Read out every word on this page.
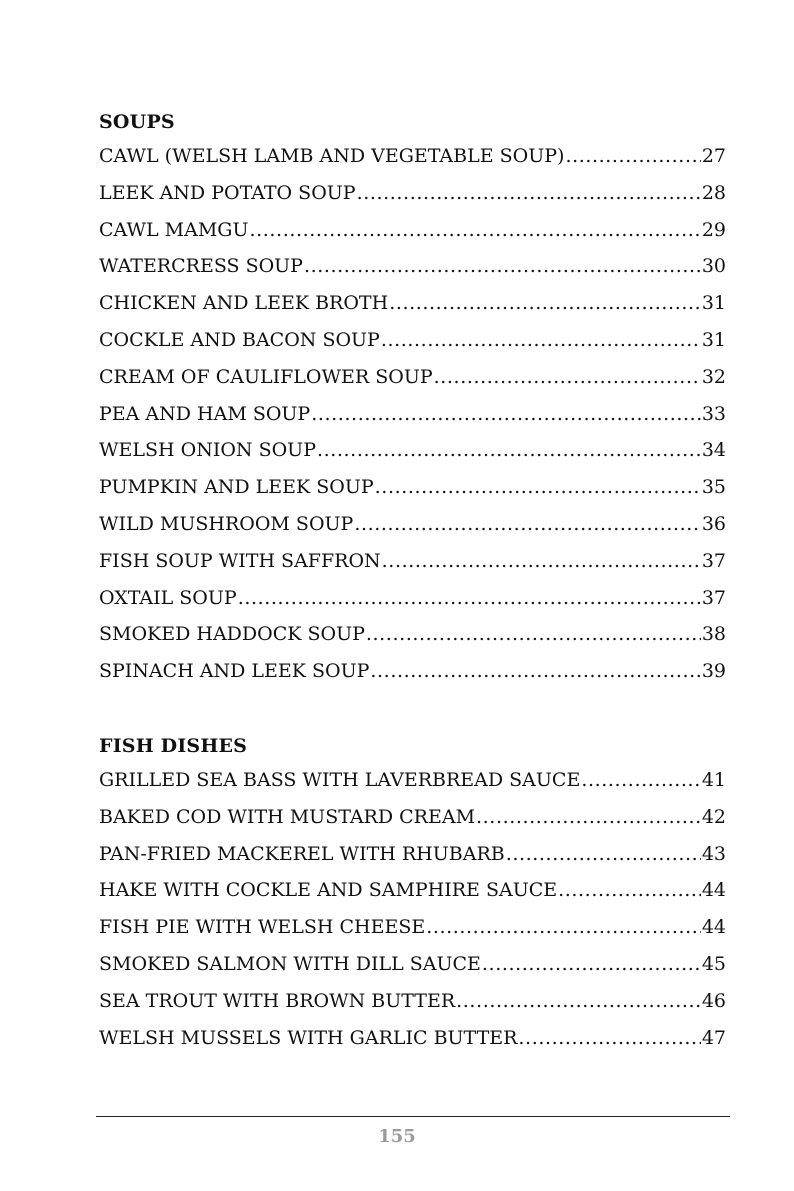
SOUPS
CAWL (WELSH LAMB AND VEGETABLE SOUP) .....	27
LEEK AND POTATO SOUP .....	28
CAWL MAMGU .....	29
WATERCRESS SOUP .....	30
CHICKEN AND LEEK BROTH .....	31
COCKLE AND BACON SOUP .....	31
CREAM OF CAULIFLOWER SOUP .....	32
PEA AND HAM SOUP .....	33
WELSH ONION SOUP .....	34
PUMPKIN AND LEEK SOUP .....	35
WILD MUSHROOM SOUP .....	36
FISH SOUP WITH SAFFRON .....	37
OXTAIL SOUP .....	37
SMOKED HADDOCK SOUP .....	38
SPINACH AND LEEK SOUP .....	39
FISH DISHES
GRILLED SEA BASS WITH LAVERBREAD SAUCE .....	41
BAKED COD WITH MUSTARD CREAM .....	42
PAN-FRIED MACKEREL WITH RHUBARB .....	43
HAKE WITH COCKLE AND SAMPHIRE SAUCE .....	44
FISH PIE WITH WELSH CHEESE .....	44
SMOKED SALMON WITH DILL SAUCE .....	45
SEA TROUT WITH BROWN BUTTER .....	46
WELSH MUSSELS WITH GARLIC BUTTER .....	47
155
